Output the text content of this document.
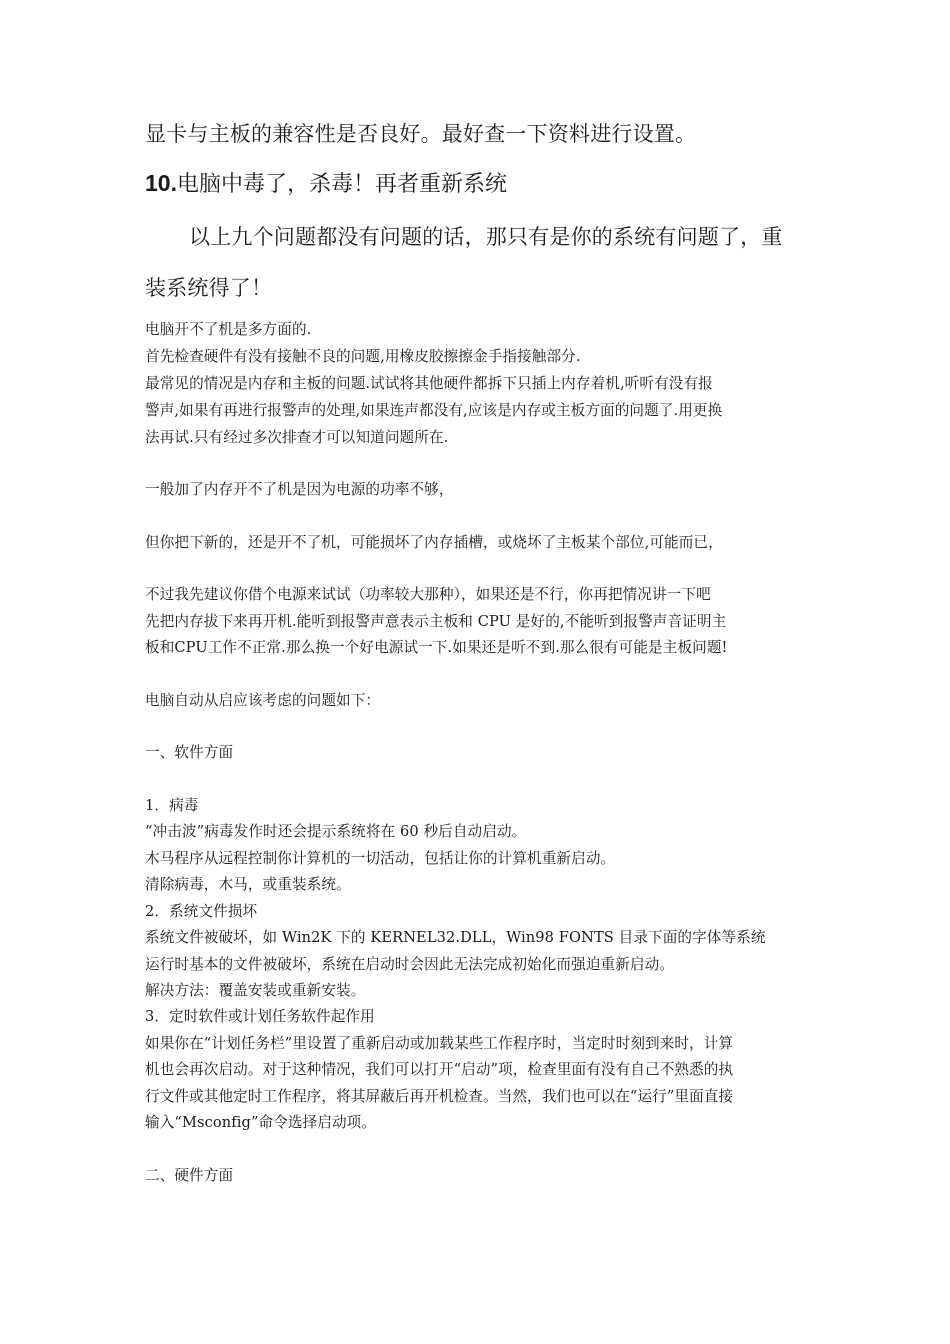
显卡与主板的兼容性是否良好。最好查一下资料进行设置。

10.电脑中毒了，杀毒！再者重新系统

以上九个问题都没有问题的话，那只有是你的系统有问题了，重

装系统得了！

电脑开不了机是多方面的.

首先检查硬件有没有接触不良的问题,用橡皮胶擦擦金手指接触部分.

最常见的情况是内存和主板的问题.试试将其他硬件都拆下只插上内存着机,听听有没有报

警声,如果有再进行报警声的处理,如果连声都没有,应该是内存或主板方面的问题了.用更换

法再试.只有经过多次排查才可以知道问题所在.

一般加了内存开不了机是因为电源的功率不够，

但你把下新的，还是开不了机，可能损坏了内存插槽，或烧坏了主板某个部位,可能而已，

不过我先建议你借个电源来试试（功率较大那种），如果还是不行，你再把情况讲一下吧

先把内存拔下来再开机.能听到报警声意表示主板和 CPU 是好的,不能听到报警声音证明主

板和CPU工作不正常.那么换一个好电源试一下.如果还是听不到.那么很有可能是主板问题!

电脑自动从启应该考虑的问题如下：

一、软件方面

1．病毒

“冲击波”病毒发作时还会提示系统将在 60 秒后自动启动。

木马程序从远程控制你计算机的一切活动，包括让你的计算机重新启动。

清除病毒，木马，或重装系统。

2．系统文件损坏

系统文件被破坏，如 Win2K 下的 KERNEL32.DLL，Win98 FONTS 目录下面的字体等系统

运行时基本的文件被破坏，系统在启动时会因此无法完成初始化而强迫重新启动。

解决方法：覆盖安装或重新安装。

3．定时软件或计划任务软件起作用

如果你在“计划任务栏”里设置了重新启动或加载某些工作程序时，当定时时刻到来时，计算

机也会再次启动。对于这种情况，我们可以打开“启动”项，检查里面有没有自己不熟悉的执

行文件或其他定时工作程序，将其屏蔽后再开机检查。当然，我们也可以在“运行”里面直接

输入“Msconfig”命令选择启动项。

二、硬件方面
